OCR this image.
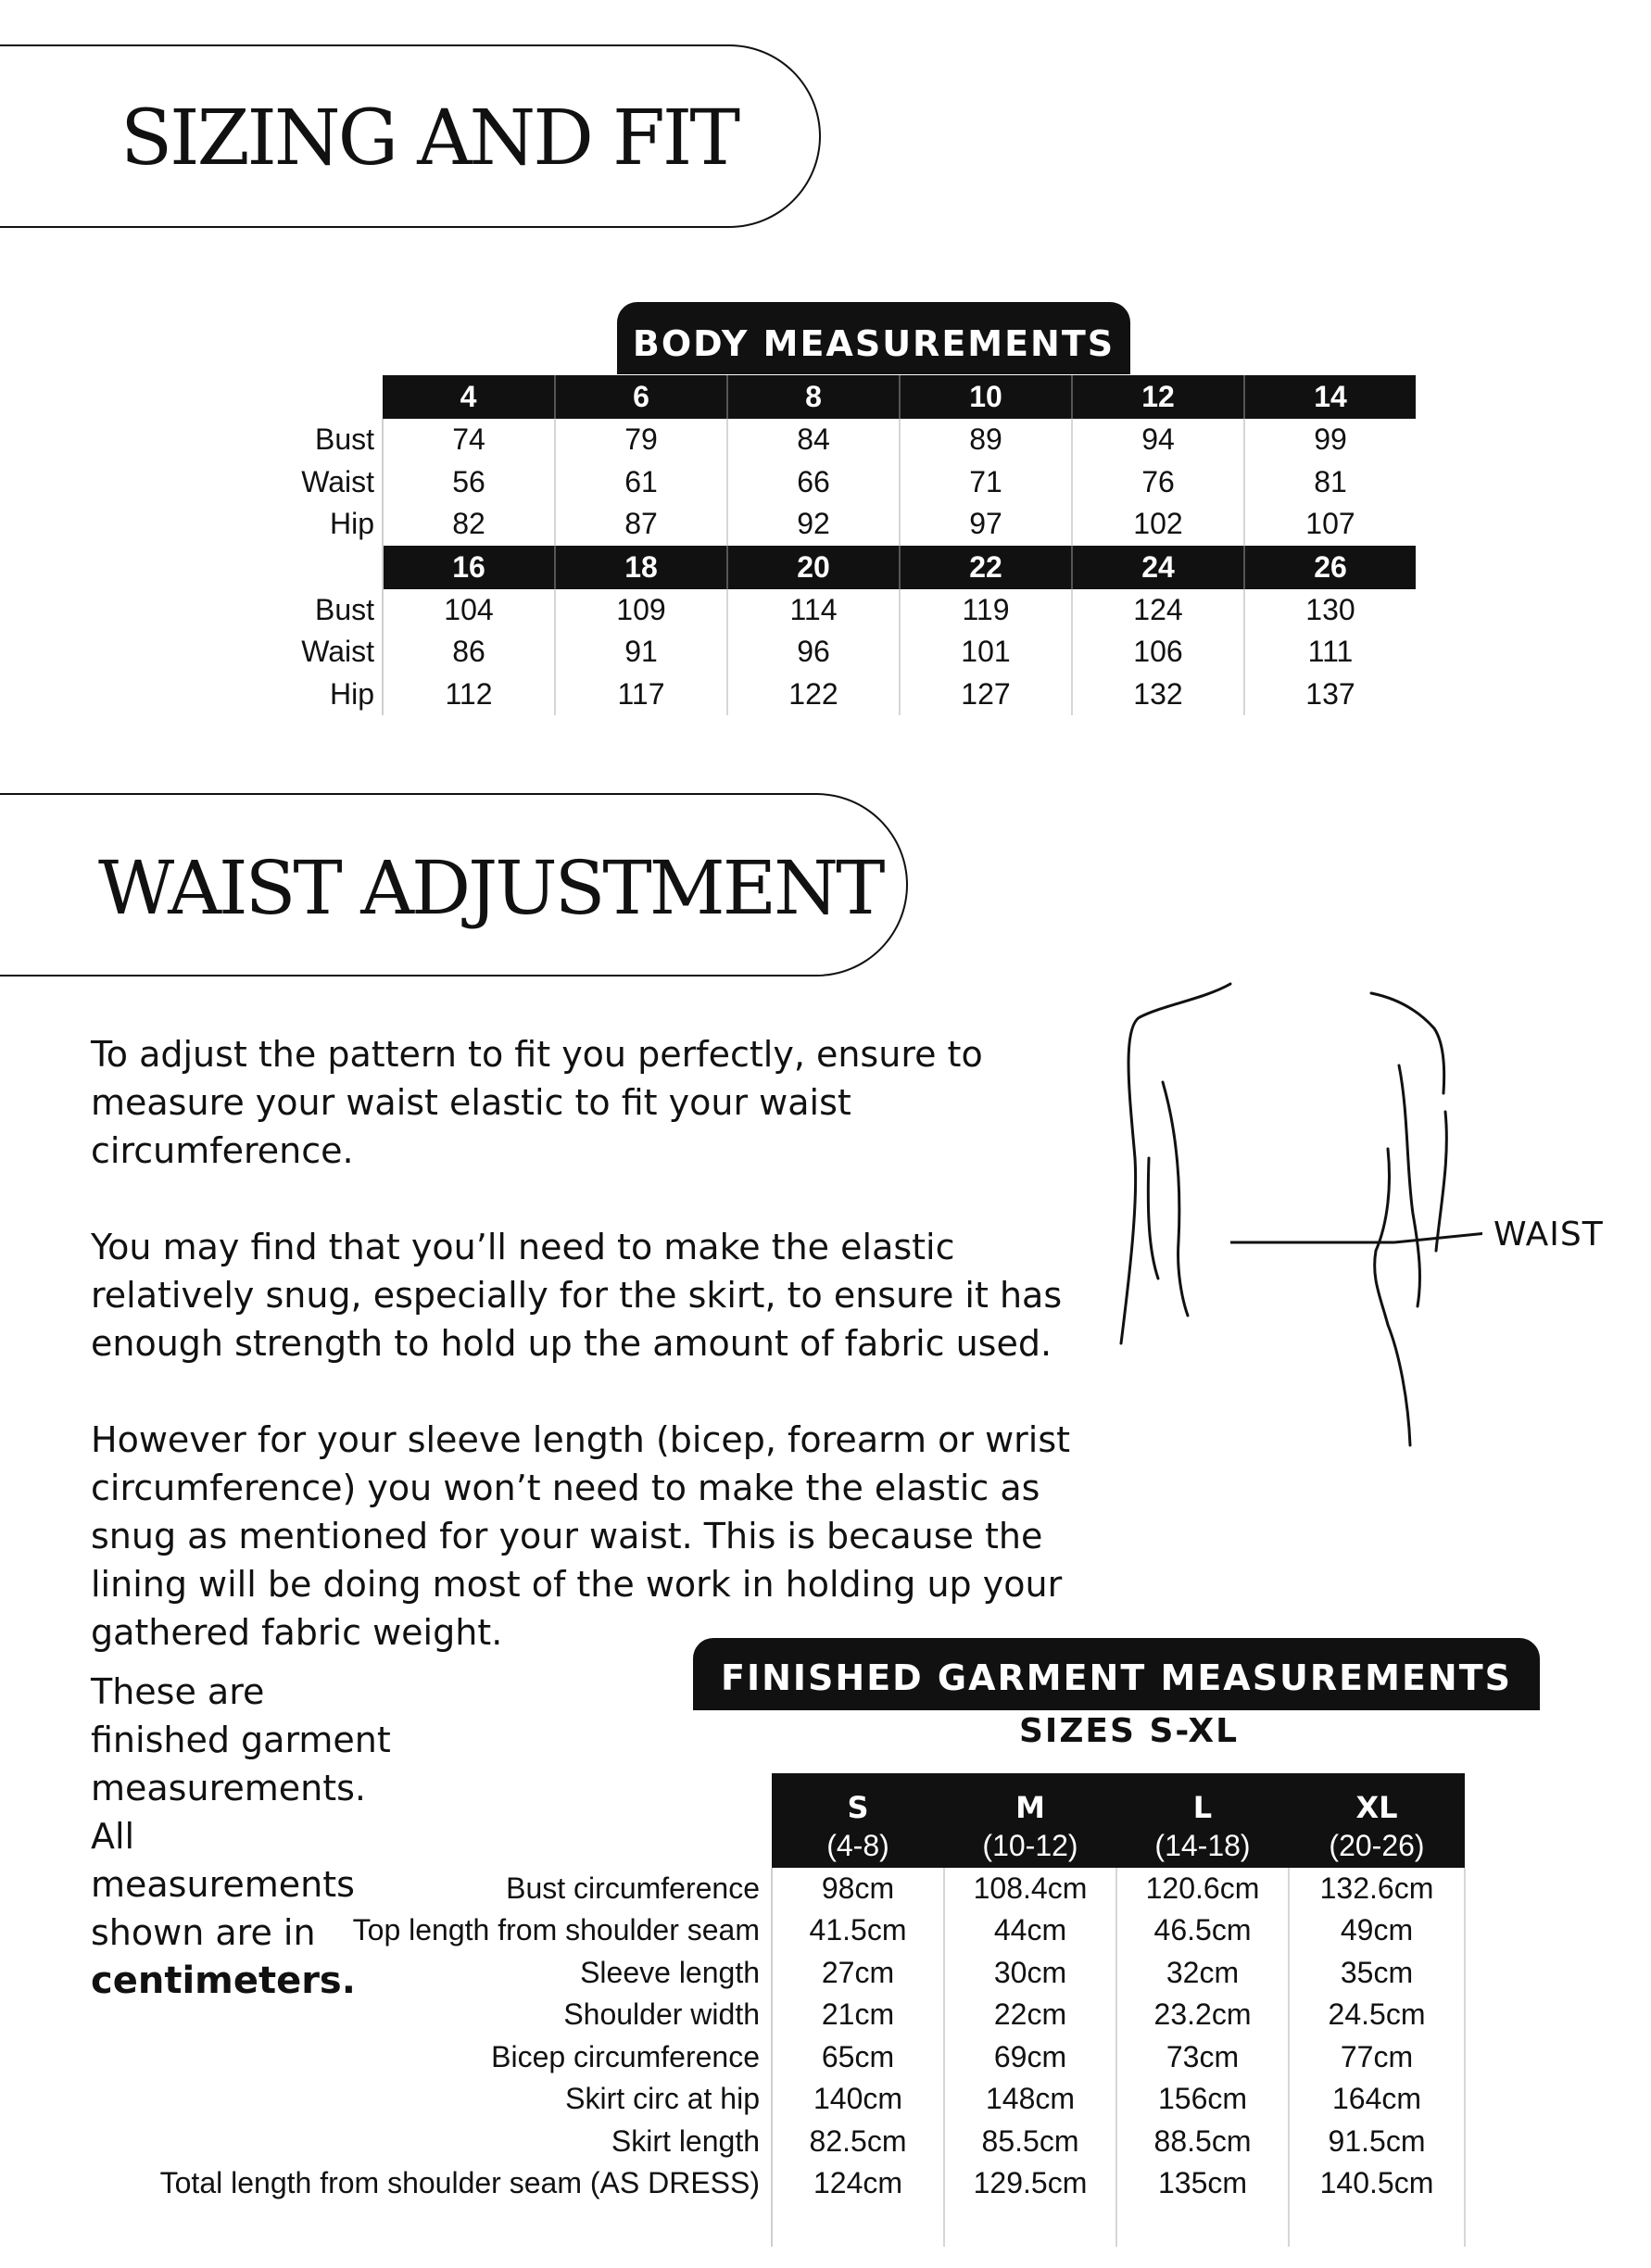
SIZING AND FIT
BODY MEASUREMENTS
	4	6	8	10	12	14
Bust	74	79	84	89	94	99
Waist	56	61	66	71	76	81
Hip	82	87	92	97	102	107
	16	18	20	22	24	26
Bust	104	109	114	119	124	130
Waist	86	91	96	101	106	111
Hip	112	117	122	127	132	137
WAIST ADJUSTMENT

To adjust the pattern to fit you perfectly, ensure to measure your waist elastic to fit your waist circumference.

You may find that you’ll need to make the elastic relatively snug, especially for the skirt, to ensure it has enough strength to hold up the amount of fabric used.

However for your sleeve length (bicep, forearm or wrist circumference) you won’t need to make the elastic as snug as mentioned for your waist. This is because the lining will be doing most of the work in holding up your gathered fabric weight.

WAIST
These are finished garment measurements. All measurements shown are in
centimeters.
FINISHED GARMENT MEASUREMENTS
SIZES S-XL
	S	M	L	XL
	(4-8)	(10-12)	(14-18)	(20-26)
Bust circumference	98cm	108.4cm	120.6cm	132.6cm
Top length from shoulder seam	41.5cm	44cm	46.5cm	49cm
Sleeve length	27cm	30cm	32cm	35cm
Shoulder width	21cm	22cm	23.2cm	24.5cm
Bicep circumference	65cm	69cm	73cm	77cm
Skirt circ at hip	140cm	148cm	156cm	164cm
Skirt length	82.5cm	85.5cm	88.5cm	91.5cm
Total length from shoulder seam (AS DRESS)	124cm	129.5cm	135cm	140.5cm
